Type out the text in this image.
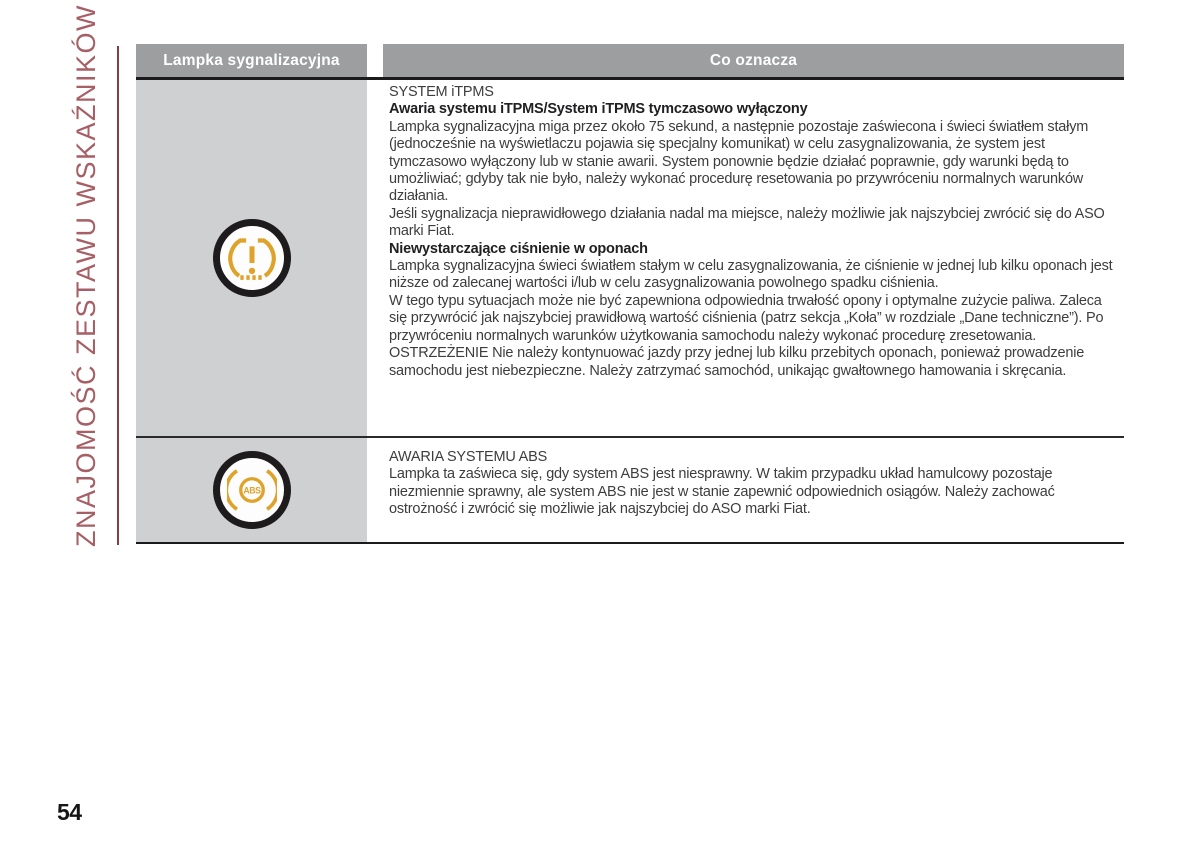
ZNAJOMOŚĆ ZESTAWU WSKAŹNIKÓW	Lampka sygnalizacyjna	Co oznacza

SYSTEM iTPMS

Awaria systemu iTPMS/System iTPMS tymczasowo wyłączony

Lampka sygnalizacyjna miga przez około 75 sekund, a następnie pozostaje zaświecona i świeci światłem stałym (jednocześnie na wyświetlaczu pojawia się specjalny komunikat) w celu zasygnalizowania, że system jest tymczasowo wyłączony lub w stanie awarii. System ponownie będzie działać poprawnie, gdy warunki będą to umożliwiać; gdyby tak nie było, należy wykonać procedurę resetowania po przywróceniu normalnych warunków działania.

Jeśli sygnalizacja nieprawidłowego działania nadal ma miejsce, należy możliwie jak najszybciej zwrócić się do ASO marki Fiat.

Niewystarczające ciśnienie w oponach

Lampka sygnalizacyjna świeci światłem stałym w celu zasygnalizowania, że ciśnienie w jednej lub kilku oponach jest niższe od zalecanej wartości i/lub w celu zasygnalizowania powolnego spadku ciśnienia.

W tego typu sytuacjach może nie być zapewniona odpowiednia trwałość opony i optymalne zużycie paliwa. Zaleca się przywrócić jak najszybciej prawidłową wartość ciśnienia (patrz sekcja „Koła” w rozdziale „Dane techniczne”). Po przywróceniu normalnych warunków użytkowania samochodu należy wykonać procedurę zresetowania.

OSTRZEŻENIE Nie należy kontynuować jazdy przy jednej lub kilku przebitych oponach, ponieważ prowadzenie samochodu jest niebezpieczne. Należy zatrzymać samochód, unikając gwałtownego hamowania i skręcania.

ABS

AWARIA SYSTEMU ABS

Lampka ta zaświeca się, gdy system ABS jest niesprawny. W takim przypadku układ hamulcowy pozostaje niezmiennie sprawny, ale system ABS nie jest w stanie zapewnić odpowiednich osiągów. Należy zachować ostrożność i zwrócić się możliwie jak najszybciej do ASO marki Fiat.

54
